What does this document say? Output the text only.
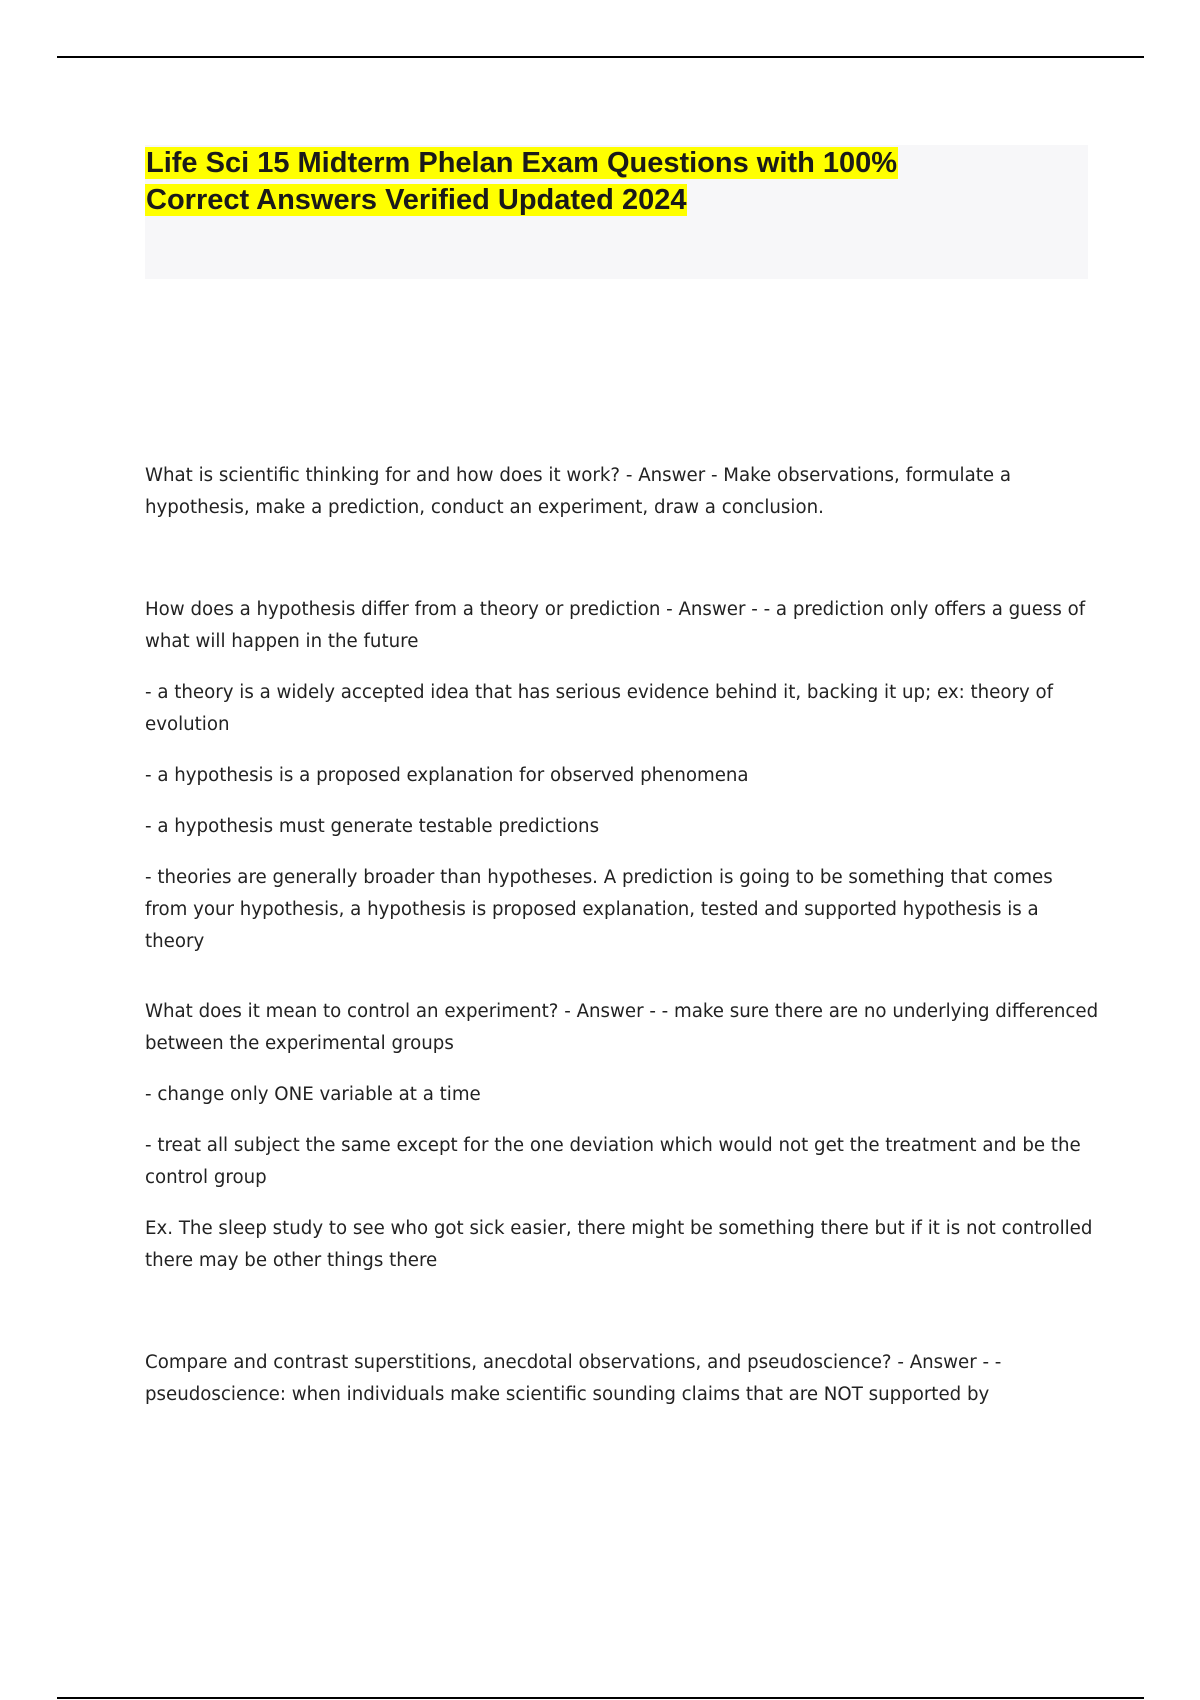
Life Sci 15 Midterm Phelan Exam Questions with 100%
Correct Answers Verified Updated 2024

What is scientific thinking for and how does it work? - Answer - Make observations, formulate a hypothesis, make a prediction, conduct an experiment, draw a conclusion.

How does a hypothesis differ from a theory or prediction - Answer - - a prediction only offers a guess of what will happen in the future

- a theory is a widely accepted idea that has serious evidence behind it, backing it up; ex: theory of evolution

- a hypothesis is a proposed explanation for observed phenomena

- a hypothesis must generate testable predictions

- theories are generally broader than hypotheses. A prediction is going to be something that comes from your hypothesis, a hypothesis is proposed explanation, tested and supported hypothesis is a theory

What does it mean to control an experiment? - Answer - - make sure there are no underlying differenced between the experimental groups

- change only ONE variable at a time

- treat all subject the same except for the one deviation which would not get the treatment and be the control group

Ex. The sleep study to see who got sick easier, there might be something there but if it is not controlled there may be other things there

Compare and contrast superstitions, anecdotal observations, and pseudoscience? - Answer - - pseudoscience: when individuals make scientific sounding claims that are NOT supported by
